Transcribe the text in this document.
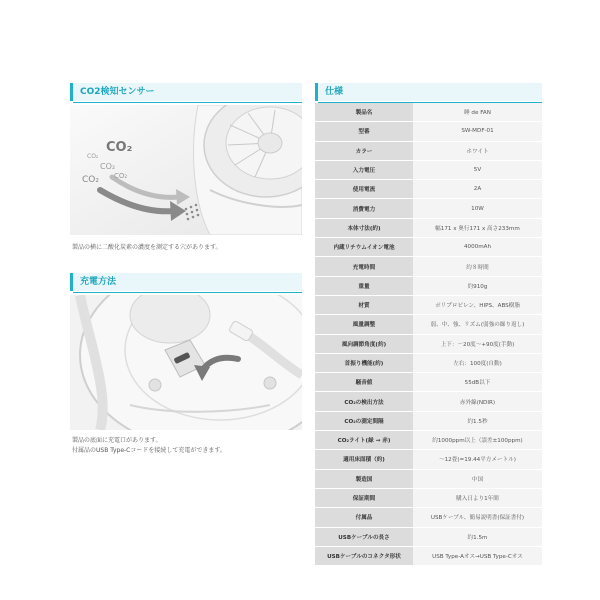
CO2検知センサー
CO₂
CO₂
CO₂
CO₂ CO₂
製品の横に二酸化炭素の濃度を測定する穴があります。
充電方法
製品の底面に充電口があります。
付属品のUSB Type-Cコードを接続して充電ができます。
仕様
製品名	睡 de FAN
型番	SW-MDF-01
カラー	ホワイト
入力電圧	5V
使用電流	2A
消費電力	10W
本体寸法(約)	幅171 x 奥行171 x 高さ233mm
内蔵リチウムイオン電池	4000mAh
充電時間	約８時間
重量	約910g
材質	ポリプロピレン、HIPS、ABS樹脂
風量調整	弱、中、強、リズム(弱強の繰り返し)
風向調節角度(約)	上下：－20度～+90度(手動)
首振り機能(約)	左右：100度(自動)
騒音値	55dB以下
CO₂の検出方法	赤外線(NDIR)
CO₂の測定間隔	約1.5秒
CO₂ライト(緑 → 赤)	約1000ppm以上（誤差±100ppm)
適用床面積（約)	～12畳(=19.44平方メートル)
製造国	中国
保証期間	購入日より1年間
付属品	USBケーブル、簡易説明書(保証書付)
USBケーブルの長さ	約1.5m
USBケーブルのコネクタ形状	USB Type-Aオス→USB Type-Cオス
